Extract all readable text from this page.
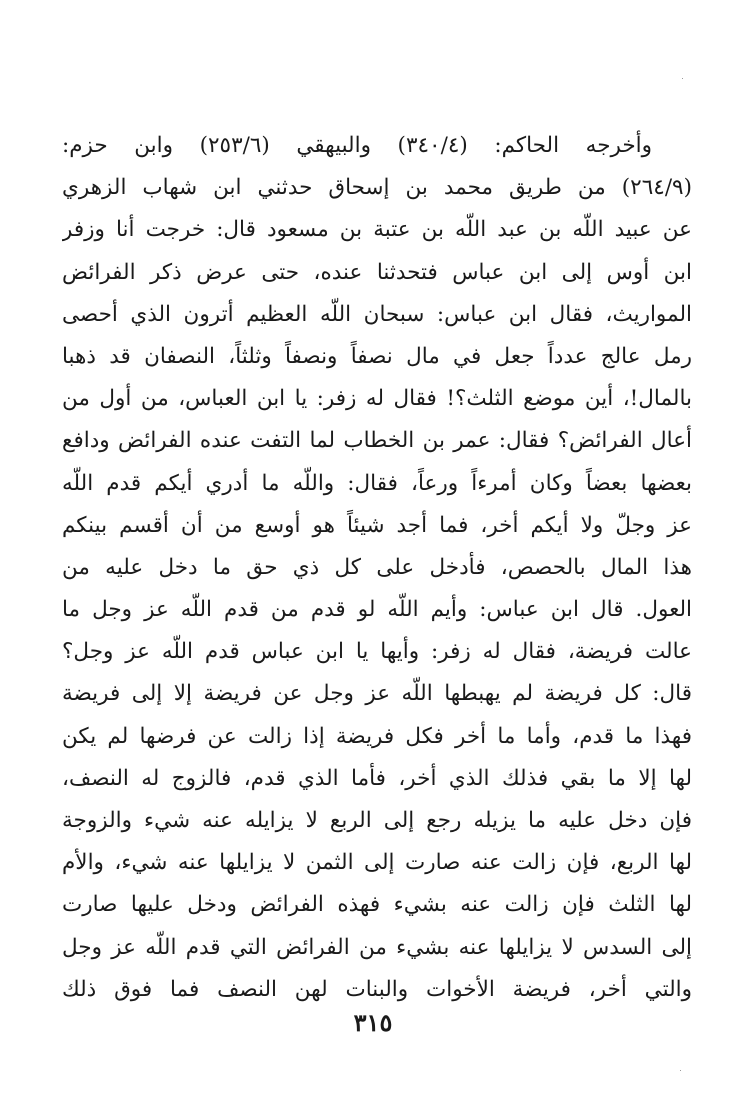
وأخرجه الحاكم: (٣٤٠/٤) والبيهقي (٢٥٣/٦) وابن حزم:
(٢٦٤/٩) من طريق محمد بن إسحاق حدثني ابن شهاب الزهري
عن عبيد اللّه بن عبد اللّه بن عتبة بن مسعود قال: خرجت أنا وزفر
ابن أوس إلى ابن عباس فتحدثنا عنده، حتى عرض ذكر الفرائض
المواريث، فقال ابن عباس: سبحان اللّه العظيم أترون الذي أحصى
رمل عالج عدداً جعل في مال نصفاً ونصفاً وثلثاً، النصفان قد ذهبا
بالمال!، أين موضع الثلث؟! فقال له زفر: يا ابن العباس، من أول من
أعال الفرائض؟ فقال: عمر بن الخطاب لما التفت عنده الفرائض ودافع
بعضها بعضاً وكان أمرءاً ورعاً، فقال: واللّه ما أدري أيكم قدم اللّه
عز وجلّ ولا أيكم أخر، فما أجد شيئاً هو أوسع من أن أقسم بينكم
هذا المال بالحصص، فأدخل على كل ذي حق ما دخل عليه من
العول. قال ابن عباس: وأيم اللّه لو قدم من قدم اللّه عز وجل ما
عالت فريضة، فقال له زفر: وأيها يا ابن عباس قدم اللّه عز وجل؟
قال: كل فريضة لم يهبطها اللّه عز وجل عن فريضة إلا إلى فريضة
فهذا ما قدم، وأما ما أخر فكل فريضة إذا زالت عن فرضها لم يكن
لها إلا ما بقي فذلك الذي أخر، فأما الذي قدم، فالزوج له النصف،
فإن دخل عليه ما يزيله رجع إلى الربع لا يزايله عنه شيء والزوجة
لها الربع، فإن زالت عنه صارت إلى الثمن لا يزايلها عنه شيء، والأم
لها الثلث فإن زالت عنه بشيء فهذه الفرائض ودخل عليها صارت
إلى السدس لا يزايلها عنه بشيء من الفرائض التي قدم اللّه عز وجل
والتي أخر، فريضة الأخوات والبنات لهن النصف فما فوق ذلك
٣١٥
